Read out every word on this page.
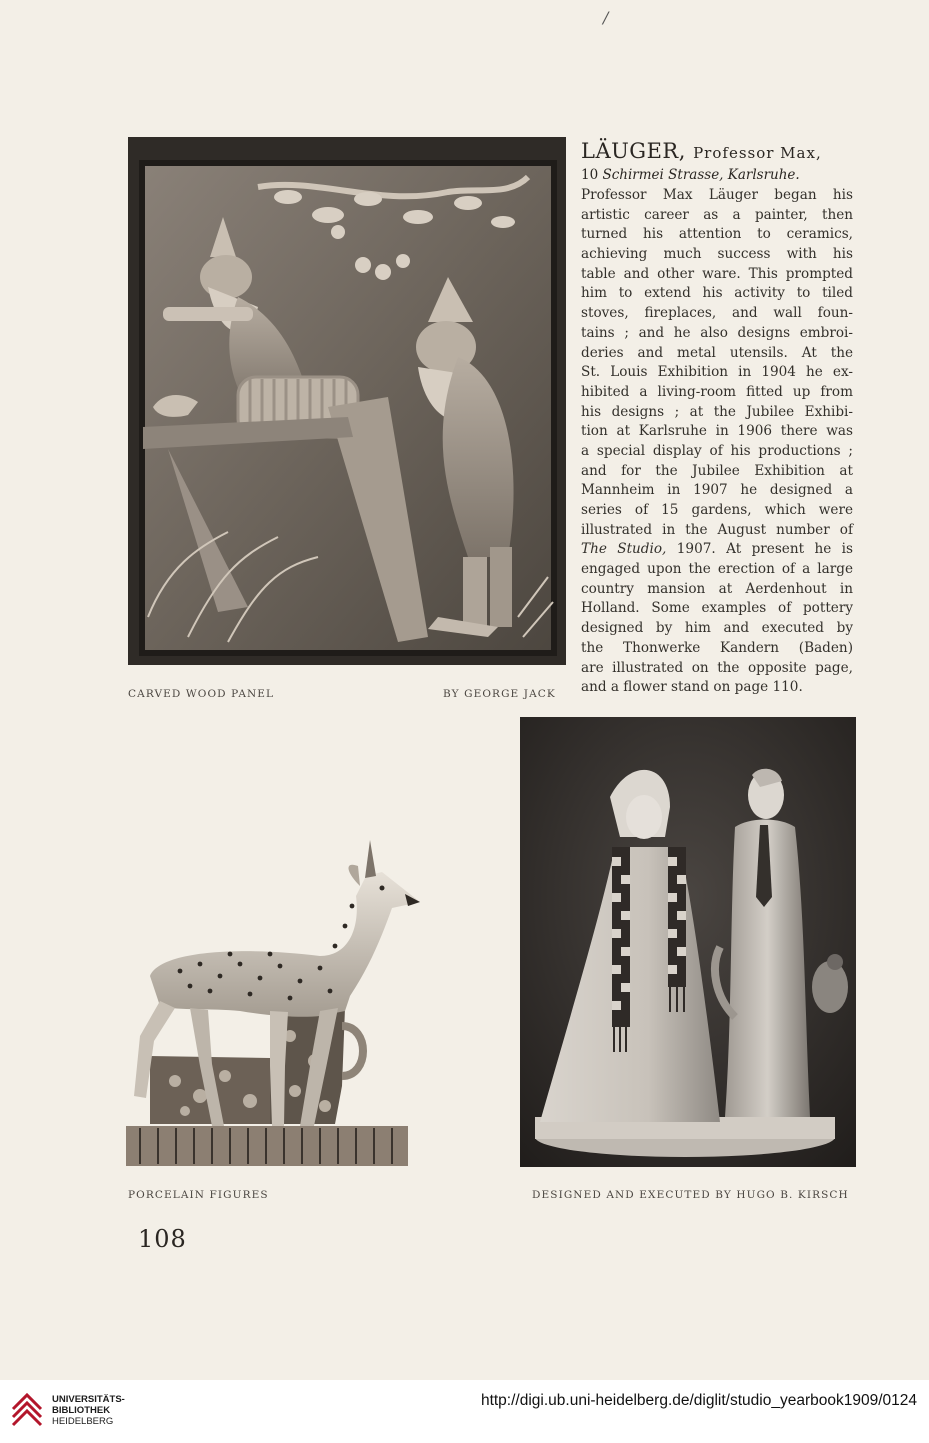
/
CARVED WOOD PANEL	BY GEORGE JACK
LÄUGER, Professor Max,
10 Schirmei Strasse, Karlsruhe.
Professor Max Läuger began his
artistic career as a painter, then
turned his attention to ceramics,
achieving much success with his
table and other ware. This prompted
him to extend his activity to tiled
stoves, fireplaces, and wall foun-
tains ; and he also designs embroi-
deries and metal utensils. At the
St. Louis Exhibition in 1904 he ex-
hibited a living-room fitted up from
his designs ; at the Jubilee Exhibi-
tion at Karlsruhe in 1906 there was
a special display of his productions ;
and for the Jubilee Exhibition at
Mannheim in 1907 he designed a
series of 15 gardens, which were
illustrated in the August number of
The Studio, 1907. At present he is
engaged upon the erection of a large
country mansion at Aerdenhout in
Holland. Some examples of pottery
designed by him and executed by
the Thonwerke Kandern (Baden)
are illustrated on the opposite page,
and a flower stand on page 110.
PORCELAIN FIGURES	DESIGNED AND EXECUTED BY HUGO B. KIRSCH
108
UNIVERSITÄTS-
BIBLIOTHEK
HEIDELBERG
http://digi.ub.uni-heidelberg.de/diglit/studio_yearbook1909/0124
